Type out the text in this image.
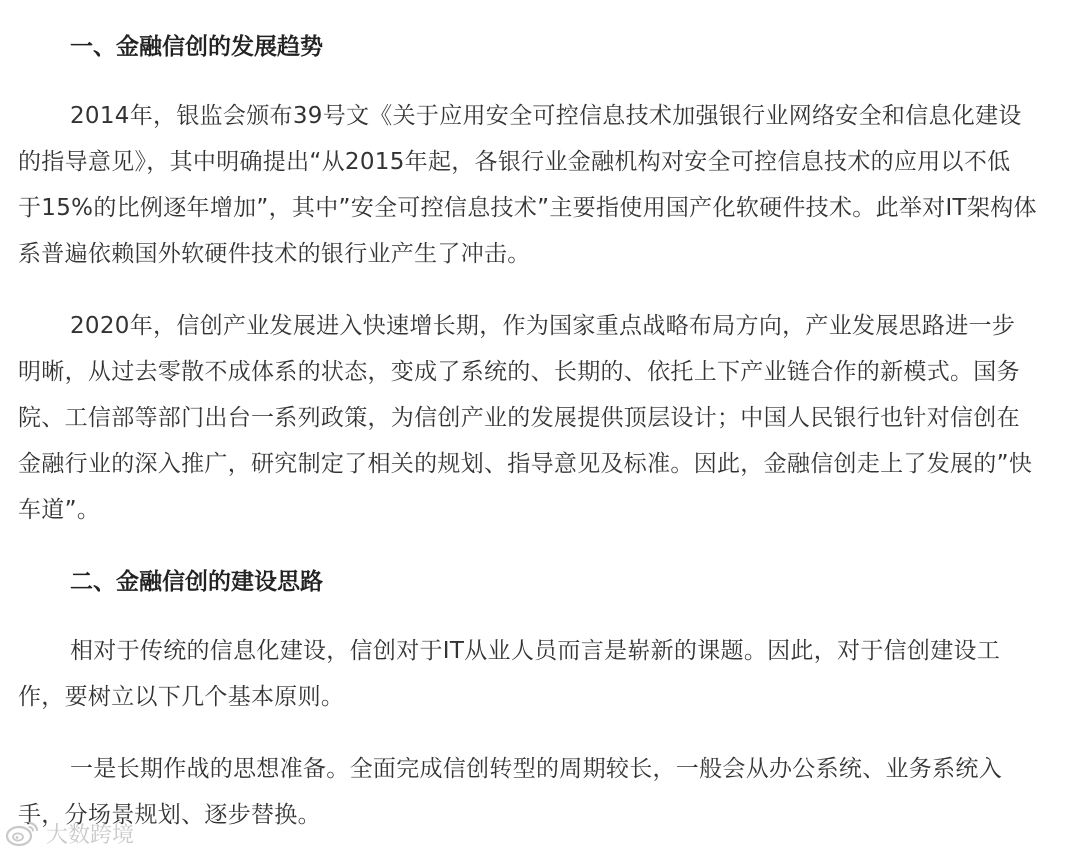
一、金融信创的发展趋势

2014年，银监会颁布39号文《关于应用安全可控信息技术加强银行业网络安全和信息化建设
的指导意见》，其中明确提出“从2015年起，各银行业金融机构对安全可控信息技术的应用以不低
于15%的比例逐年增加”，其中”安全可控信息技术”主要指使用国产化软硬件技术。此举对IT架构体
系普遍依赖国外软硬件技术的银行业产生了冲击。

2020年，信创产业发展进入快速增长期，作为国家重点战略布局方向，产业发展思路进一步
明晰，从过去零散不成体系的状态，变成了系统的、长期的、依托上下产业链合作的新模式。国务
院、工信部等部门出台一系列政策，为信创产业的发展提供顶层设计；中国人民银行也针对信创在
金融行业的深入推广，研究制定了相关的规划、指导意见及标准。因此，金融信创走上了发展的”快
车道”。

二、金融信创的建设思路

相对于传统的信息化建设，信创对于IT从业人员而言是崭新的课题。因此，对于信创建设工
作，要树立以下几个基本原则。

一是长期作战的思想准备。全面完成信创转型的周期较长，一般会从办公系统、业务系统入
手，分场景规划、逐步替换。

大数跨境
